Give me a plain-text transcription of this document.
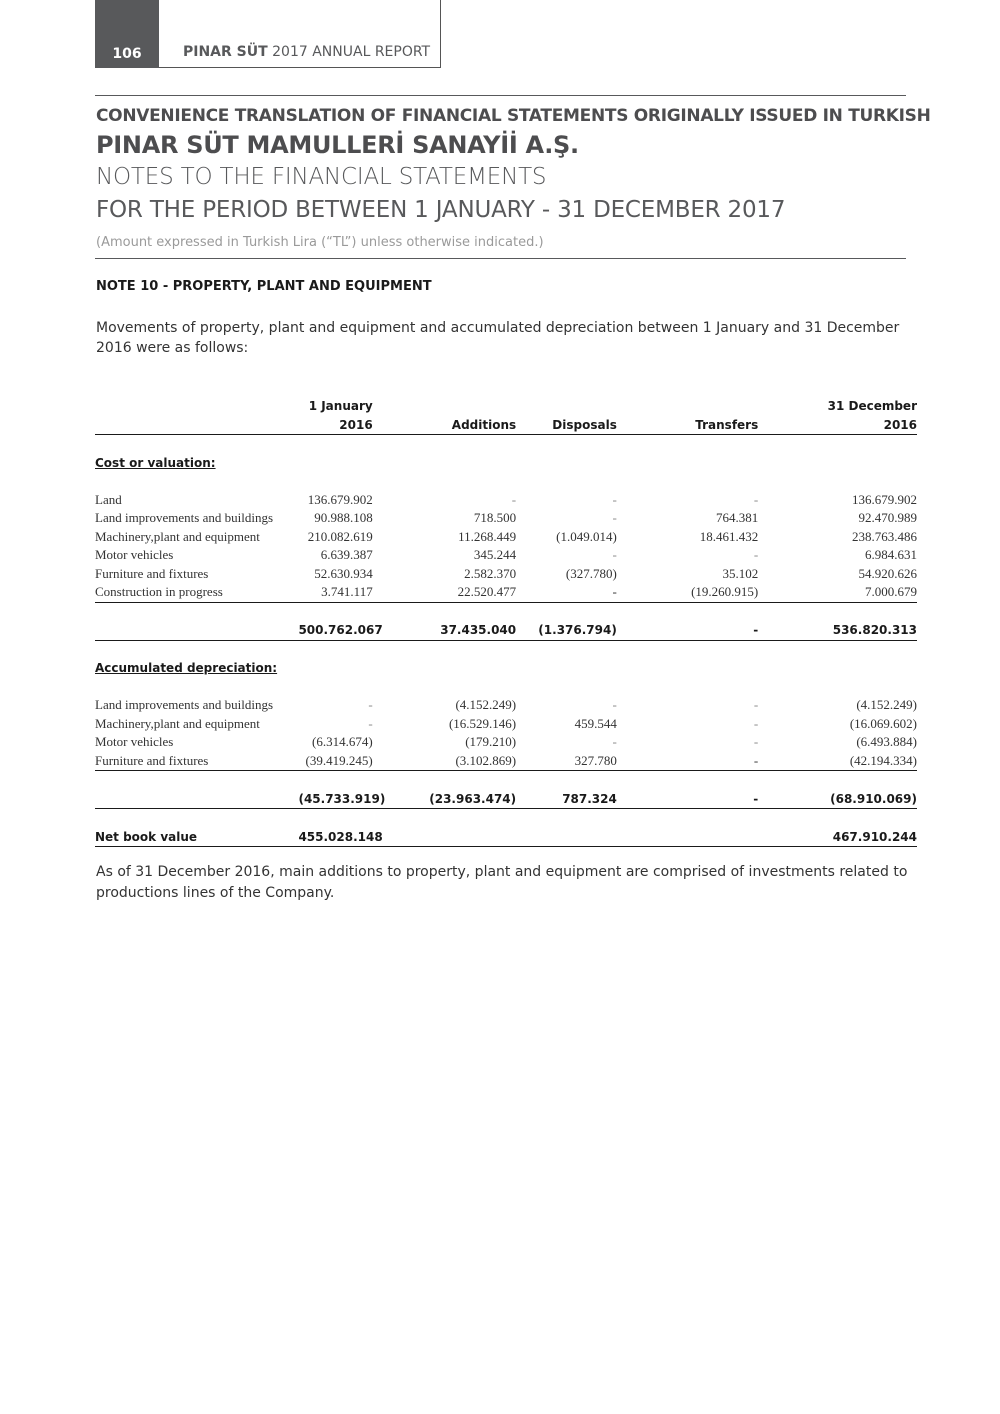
106	PINAR SÜT 2017 ANNUAL REPORT
CONVENIENCE TRANSLATION OF FINANCIAL STATEMENTS ORIGINALLY ISSUED IN TURKISH
PINAR SÜT MAMULLERİ SANAYİİ A.Ş.
NOTES TO THE FINANCIAL STATEMENTS
FOR THE PERIOD BETWEEN 1 JANUARY - 31 DECEMBER 2017
(Amount expressed in Turkish Lira (“TL”) unless otherwise indicated.)
NOTE 10 - PROPERTY, PLANT AND EQUIPMENT
Movements of property, plant and equipment and accumulated depreciation between 1 January and 31 December 2016 were as follows:
	1 January				31 December
	2016	Additions	Disposals	Transfers	2016

Cost or valuation:					

Land	136.679.902	-	-	-	136.679.902
Land improvements and buildings	90.988.108	718.500	-	764.381	92.470.989
Machinery,plant and equipment	210.082.619	11.268.449	(1.049.014)	18.461.432	238.763.486
Motor vehicles	6.639.387	345.244	-	-	6.984.631
Furniture and fixtures	52.630.934	2.582.370	(327.780)	35.102	54.920.626
Construction in progress	3.741.117	22.520.477	-	(19.260.915)	7.000.679

	500.762.067	37.435.040	(1.376.794)	-	536.820.313

Accumulated depreciation:					

Land improvements and buildings	-	(4.152.249)	-	-	(4.152.249)
Machinery,plant and equipment	-	(16.529.146)	459.544	-	(16.069.602)
Motor vehicles	(6.314.674)	(179.210)	-	-	(6.493.884)
Furniture and fixtures	(39.419.245)	(3.102.869)	327.780	-	(42.194.334)

	(45.733.919)	(23.963.474)	787.324	-	(68.910.069)

Net book value	455.028.148				467.910.244
As of 31 December 2016, main additions to property, plant and equipment are comprised of investments related to productions lines of the Company.
